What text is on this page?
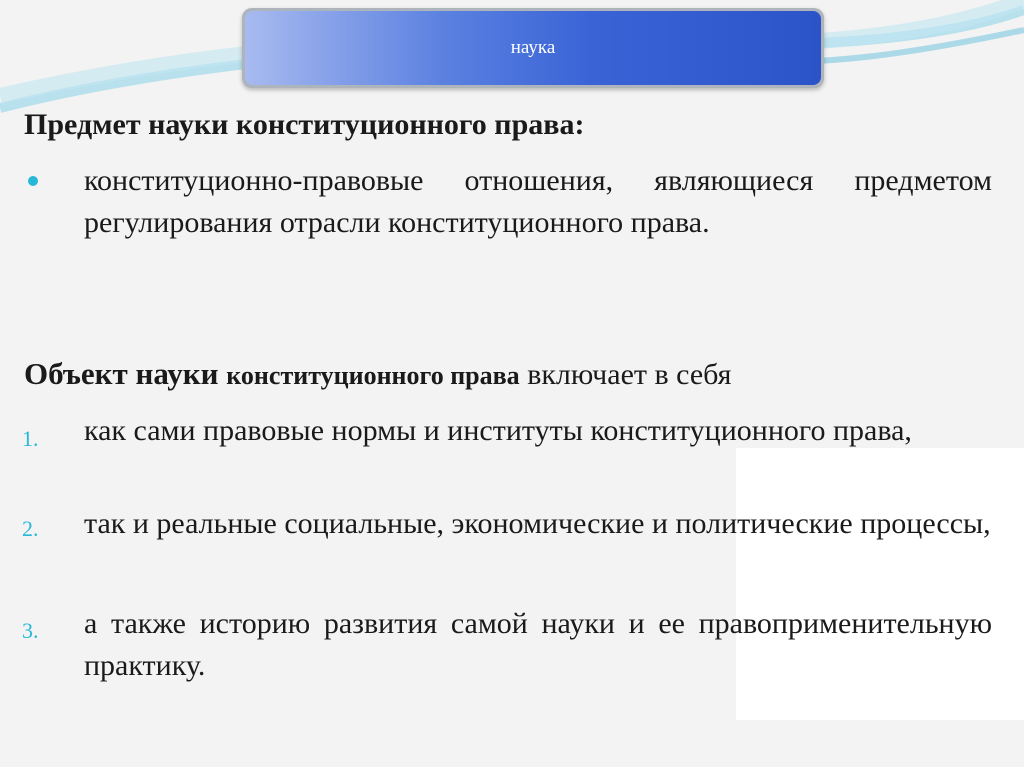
наука
Предмет науки конституционного права:

конституционно-правовые отношения, являющиеся предметом регулирования отрасли конституционного права.

Объект науки конституционного права включает в себя
1. как сами правовые нормы и институты конституционного права,

2. так и реальные социальные, экономические и политические процессы,

3. а также историю развития самой науки и ее правоприменительную практику.
